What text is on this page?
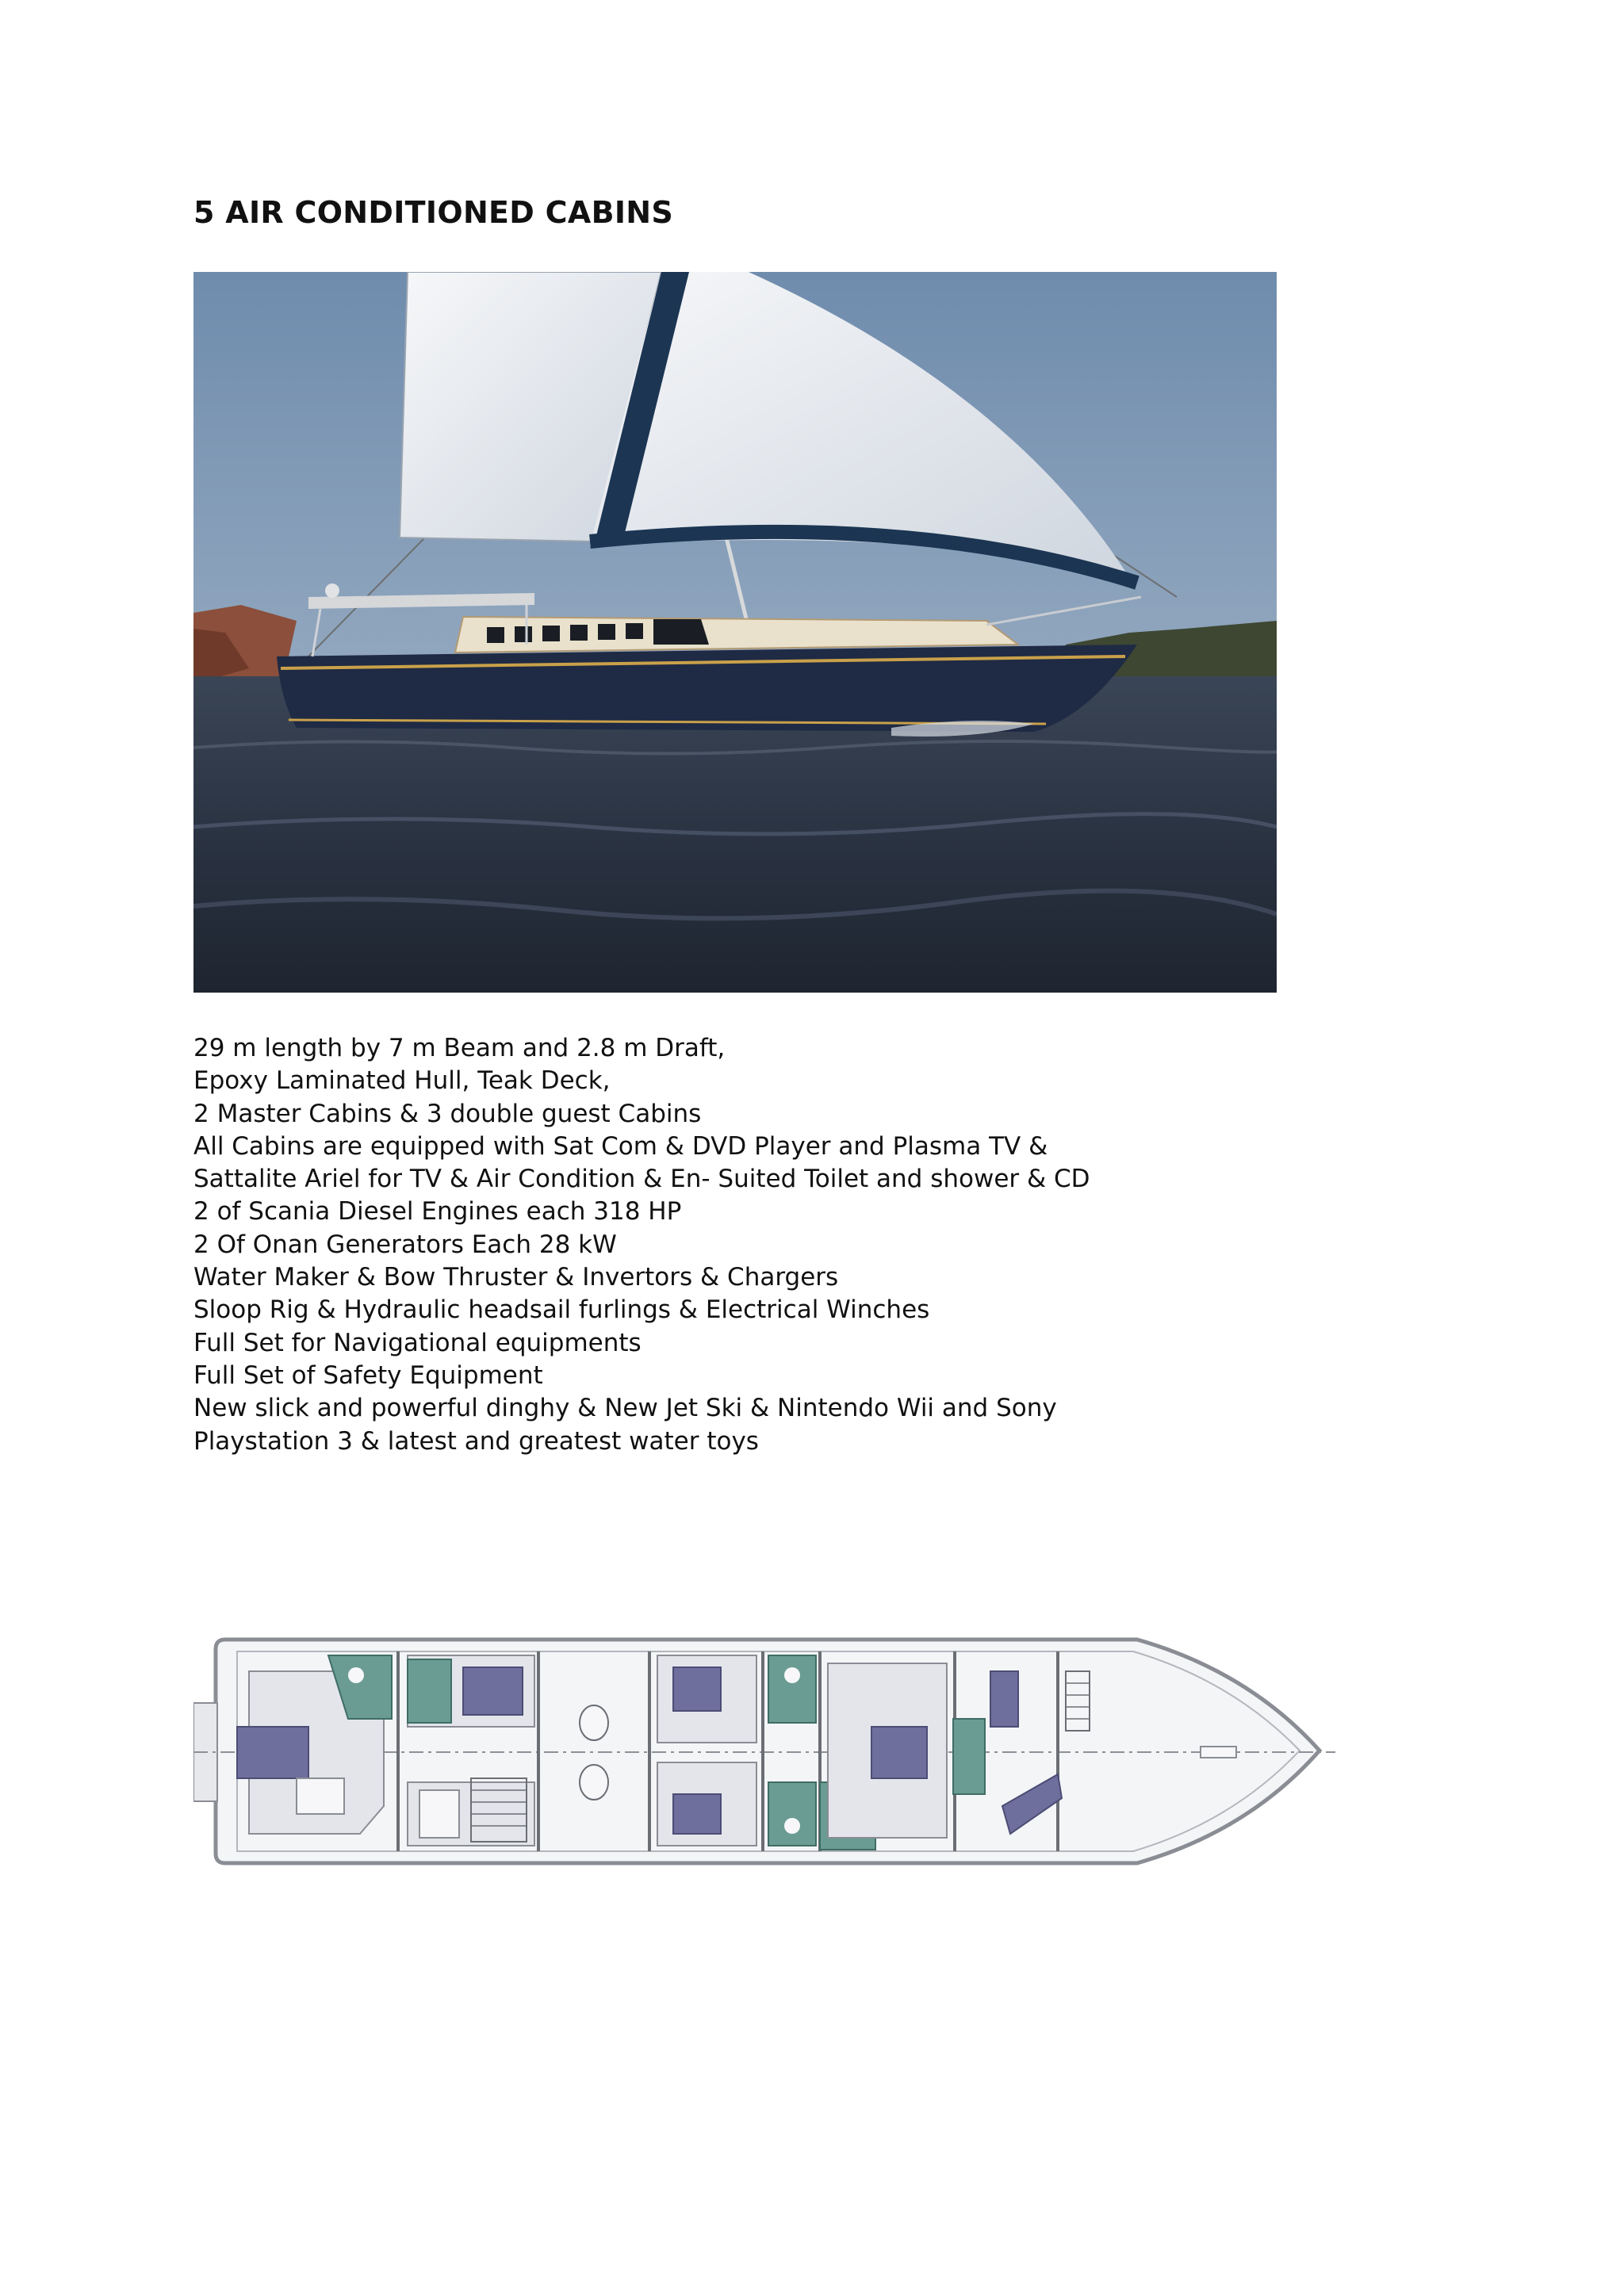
5 AIR CONDITIONED CABINS
29 m length by 7 m Beam and 2.8 m Draft,
Epoxy Laminated Hull, Teak Deck,
2 Master Cabins & 3 double guest Cabins
All Cabins are equipped with Sat Com & DVD Player and Plasma TV &
Sattalite Ariel for TV & Air Condition & En- Suited Toilet and shower & CD
2 of Scania Diesel Engines each 318 HP
2 Of Onan Generators Each 28 kW
Water Maker & Bow Thruster & Invertors & Chargers
Sloop Rig & Hydraulic headsail furlings & Electrical Winches
Full Set for Navigational equipments
Full Set of Safety Equipment
New slick and powerful dinghy & New Jet Ski & Nintendo Wii and Sony
Playstation 3 & latest and greatest water toys
